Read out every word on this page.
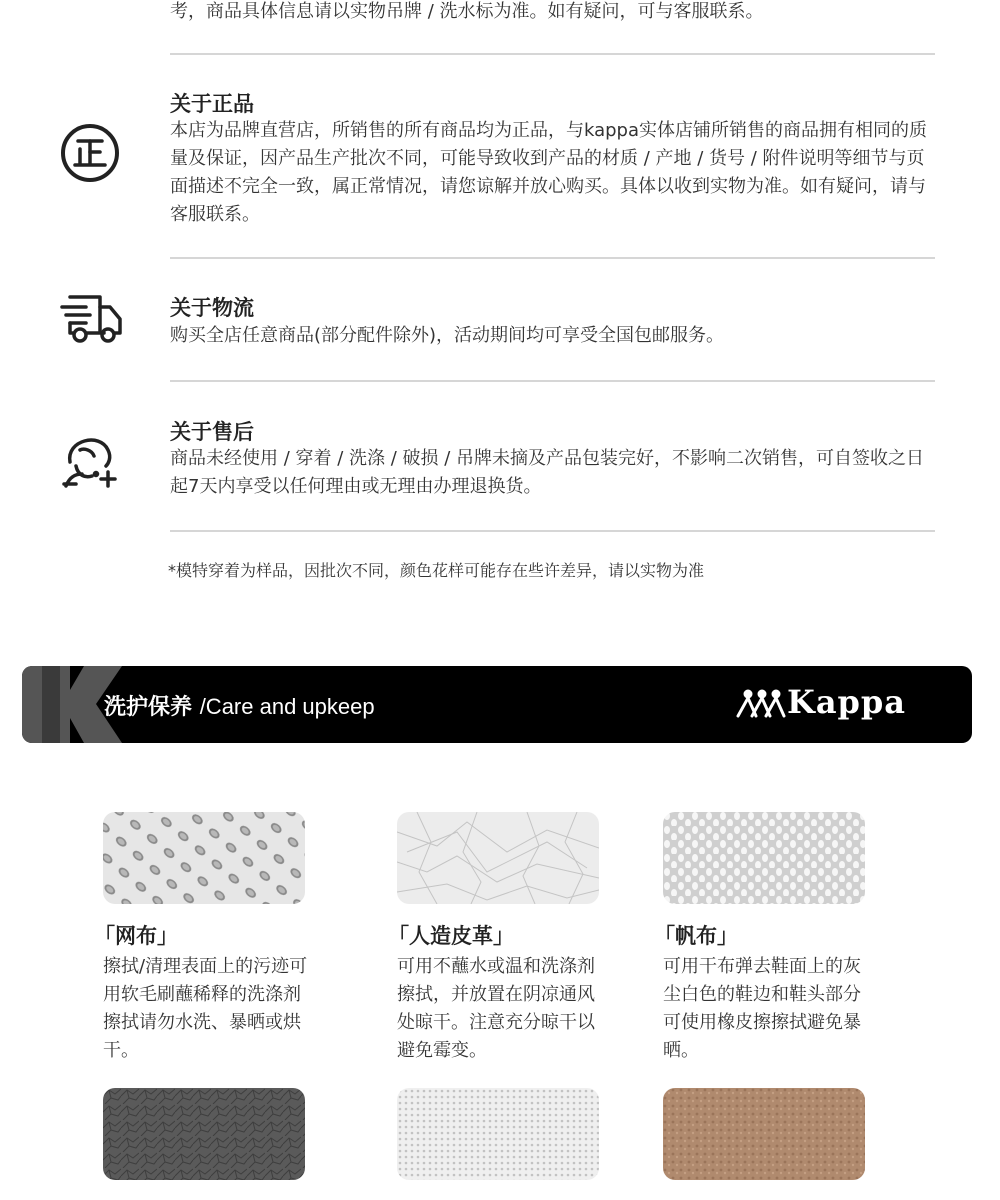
考，商品具体信息请以实物吊牌 / 洗水标为准。如有疑问，可与客服联系。
关于正品
本店为品牌直营店，所销售的所有商品均为正品，与kappa实体店铺所销售的商品拥有相同的质量及保证，因产品生产批次不同，可能导致收到产品的材质 / 产地 / 货号 / 附件说明等细节与页面描述不完全一致，属正常情况，请您谅解并放心购买。具体以收到实物为准。如有疑问，请与客服联系。
关于物流
购买全店任意商品(部分配件除外)，活动期间均可享受全国包邮服务。
关于售后
商品未经使用 / 穿着 / 洗涤 / 破损 / 吊牌未摘及产品包装完好，不影响二次销售，可自签收之日起7天内享受以任何理由或无理由办理退换货。
*模特穿着为样品，因批次不同，颜色花样可能存在些许差异，请以实物为准
洗护保养 /Care and upkeep	Kappa
「网布」	「人造皮革」	「帆布」
擦拭/清理表面上的污迹可用软毛刷蘸稀释的洗涤剂擦拭请勿水洗、暴晒或烘干。
可用不蘸水或温和洗涤剂擦拭，并放置在阴凉通风处晾干。注意充分晾干以避免霉变。
可用干布弹去鞋面上的灰尘白色的鞋边和鞋头部分可使用橡皮擦擦拭避免暴晒。
